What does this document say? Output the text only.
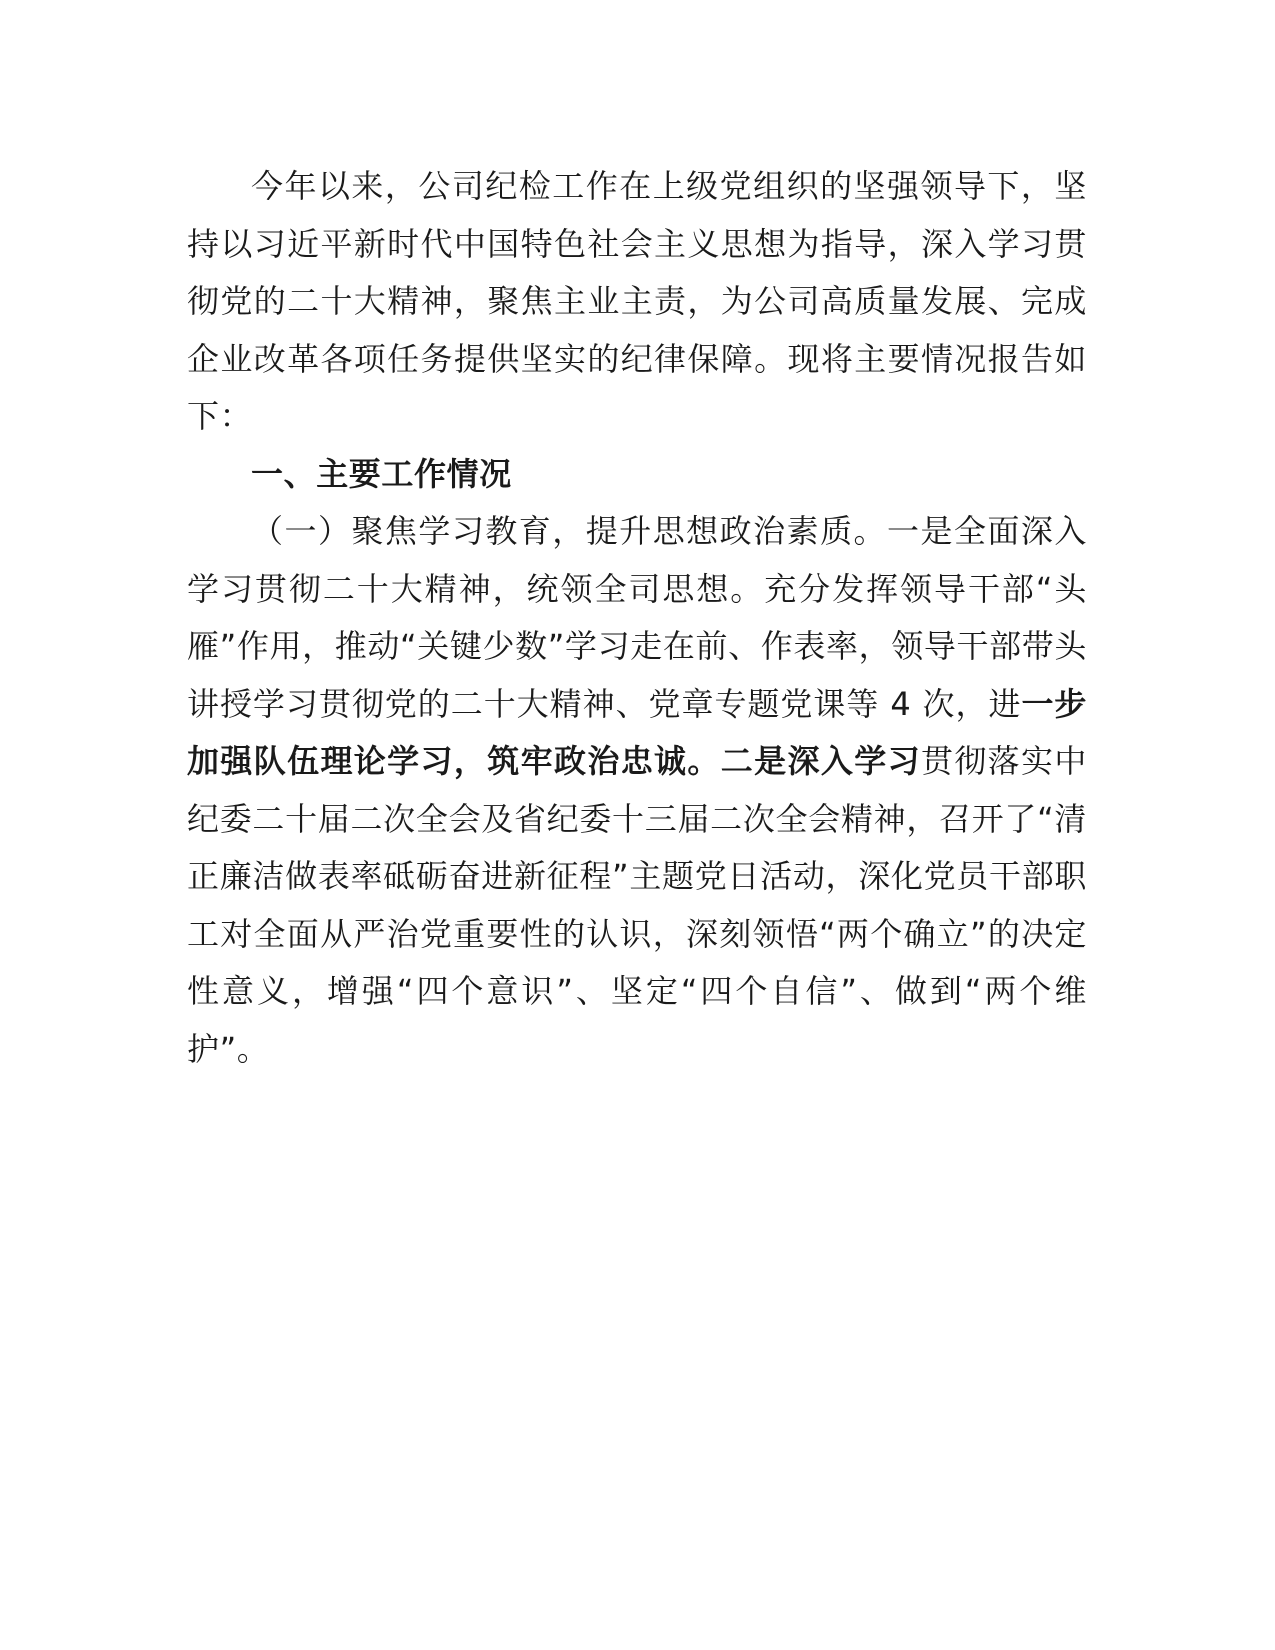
今年以来，公司纪检工作在上级党组织的坚强领导下，坚持以习近平新时代中国特色社会主义思想为指导，深入学习贯彻党的二十大精神，聚焦主业主责，为公司高质量发展、完成企业改革各项任务提供坚实的纪律保障。现将主要情况报告如下：

一、主要工作情况

（一）聚焦学习教育，提升思想政治素质。一是全面深入学习贯彻二十大精神，统领全司思想。充分发挥领导干部“头雁”作用，推动“关键少数”学习走在前、作表率，领导干部带头讲授学习贯彻党的二十大精神、党章专题党课等 4 次，进一步加强队伍理论学习，筑牢政治忠诚。二是深入学习贯彻落实中纪委二十届二次全会及省纪委十三届二次全会精神，召开了“清正廉洁做表率砥砺奋进新征程”主题党日活动，深化党员干部职工对全面从严治党重要性的认识，深刻领悟“两个确立”的决定性意义，增强“四个意识”、坚定“四个自信”、做到“两个维护”。
